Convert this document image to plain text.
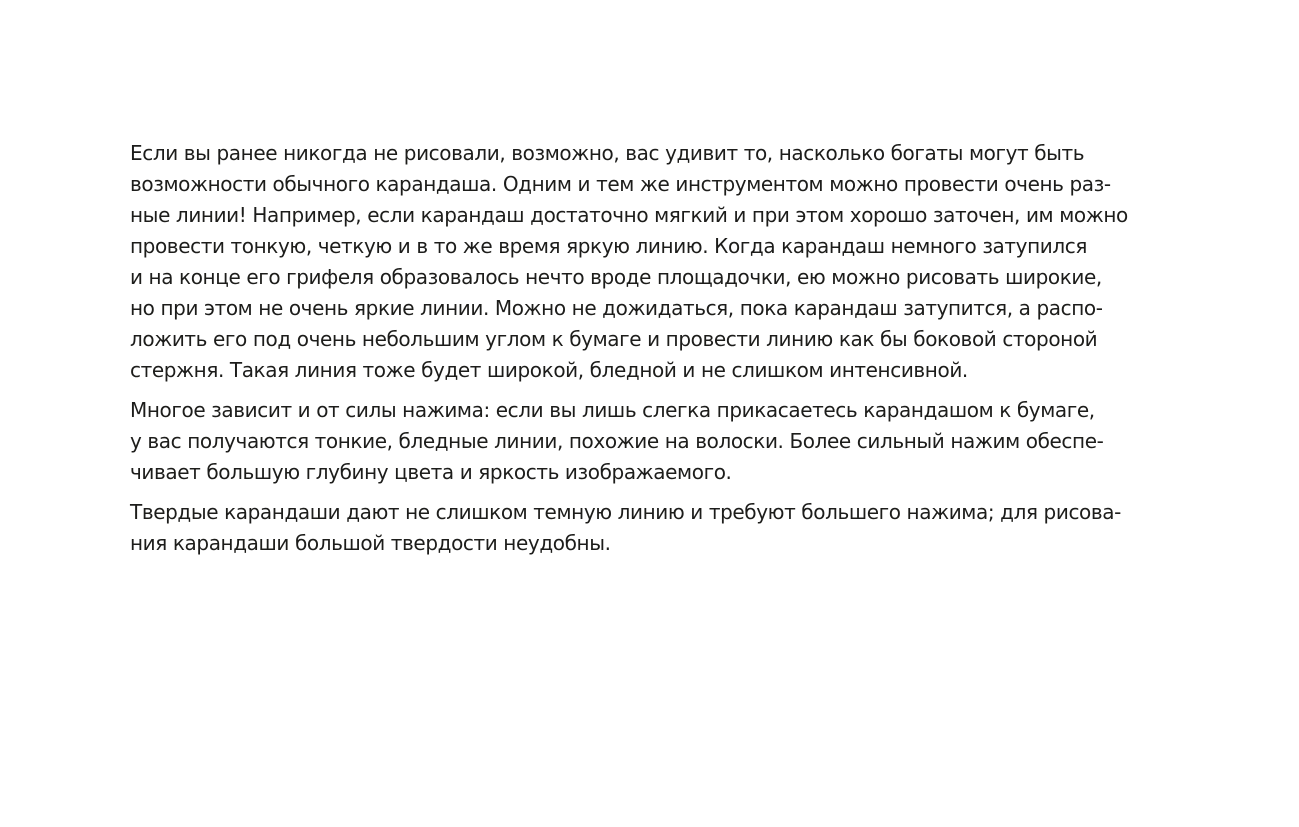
Если вы ранее никогда не рисовали, возможно, вас удивит то, насколько богаты могут быть
возможности обычного карандаша. Одним и тем же инструментом можно провести очень раз-
ные линии! Например, если карандаш достаточно мягкий и при этом хорошо заточен, им можно
провести тонкую, четкую и в то же время яркую линию. Когда карандаш немного затупился
и на конце его грифеля образовалось нечто вроде площадочки, ею можно рисовать широкие,
но при этом не очень яркие линии. Можно не дожидаться, пока карандаш затупится, а распо-
ложить его под очень небольшим углом к бумаге и провести линию как бы боковой стороной
стержня. Такая линия тоже будет широкой, бледной и не слишком интенсивной.

Многое зависит и от силы нажима: если вы лишь слегка прикасаетесь карандашом к бумаге,
у вас получаются тонкие, бледные линии, похожие на волоски. Более сильный нажим обеспе-
чивает большую глубину цвета и яркость изображаемого.

Твердые карандаши дают не слишком темную линию и требуют большего нажима; для рисова-
ния карандаши большой твердости неудобны.
